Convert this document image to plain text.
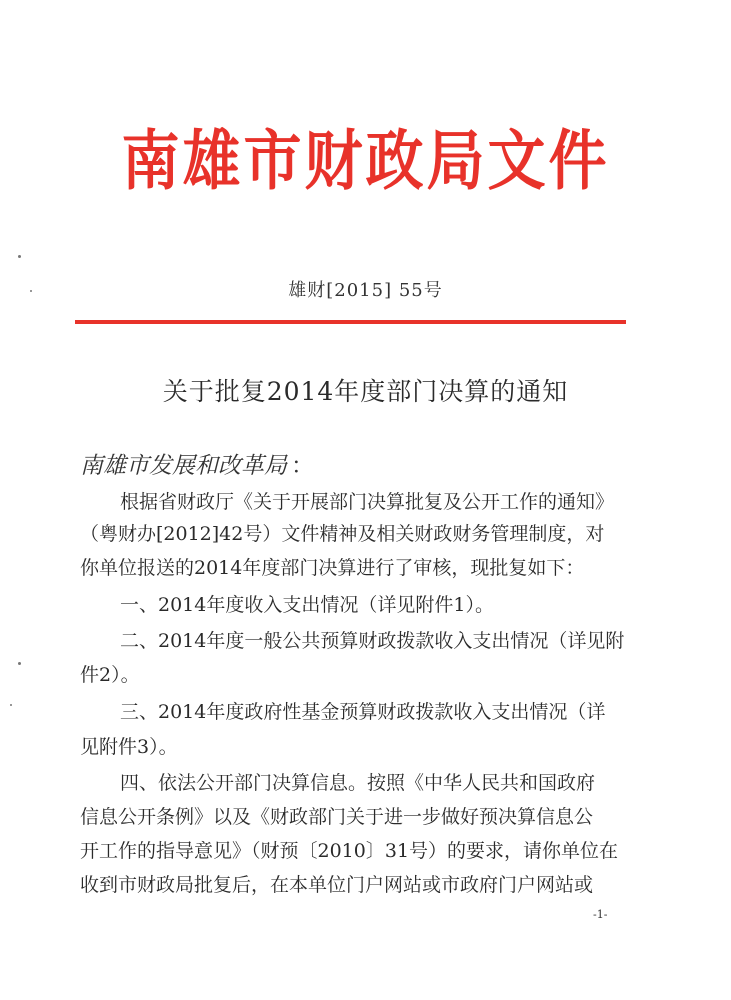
南雄市财政局文件
雄财[2015] 55号
关于批复2014年度部门决算的通知
南雄市发展和改革局 ：
根据省财政厅《关于开展部门决算批复及公开工作的通知》
（粤财办[2012]42号）文件精神及相关财政财务管理制度，对
你单位报送的2014年度部门决算进行了审核，现批复如下：
一、2014年度收入支出情况（详见附件1）。
二、2014年度一般公共预算财政拨款收入支出情况（详见附
件2）。
三、2014年度政府性基金预算财政拨款收入支出情况（详
见附件3）。
四、依法公开部门决算信息。按照《中华人民共和国政府
信息公开条例》以及《财政部门关于进一步做好预决算信息公
开工作的指导意见》（财预〔2010〕31号）的要求，请你单位在
收到市财政局批复后，在本单位门户网站或市政府门户网站或
-1-
